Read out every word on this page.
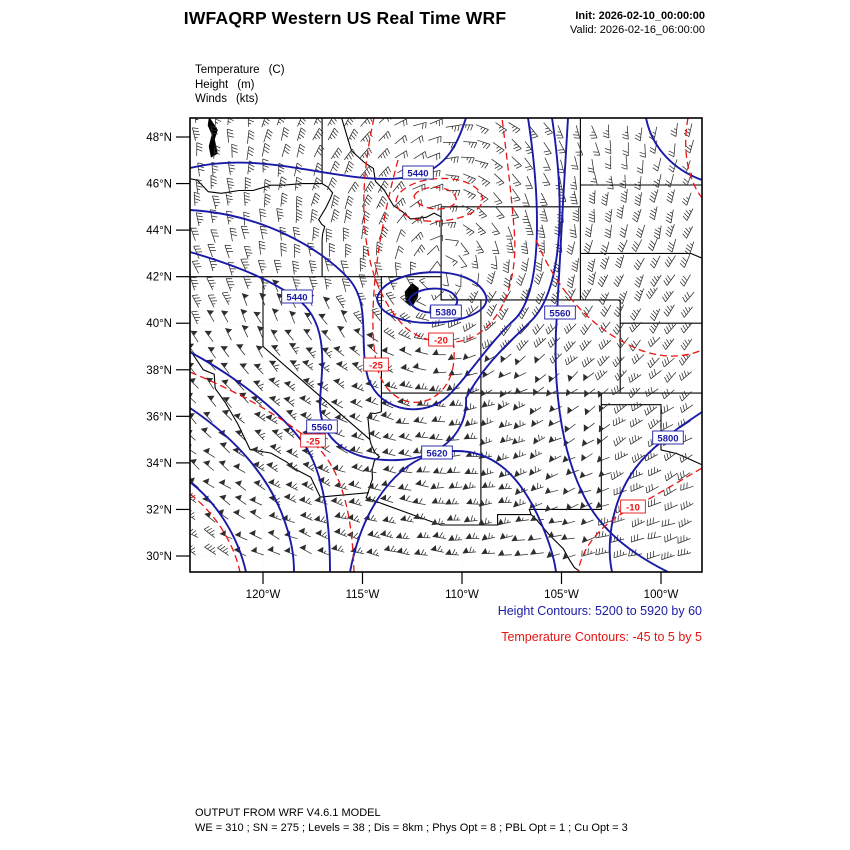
IWFAQRP Western US Real Time WRF	Init: 2026-02-10_00:00:00
Valid: 2026-02-16_06:00:00
Temperature (C)
Height (m)
Winds (kts)
5440
5440
5380	5560
5560
5620
5800
-20
-25
-25
-10
48°N
46°N
44°N
42°N
40°N
38°N
36°N
34°N
32°N
30°N
120°W	115°W	110°W	105°W	100°W
Height Contours: 5200 to 5920 by 60
Temperature Contours: -45 to 5 by 5
OUTPUT FROM WRF V4.6.1 MODEL
WE = 310 ; SN = 275 ; Levels = 38 ; Dis = 8km ; Phys Opt = 8 ; PBL Opt = 1 ; Cu Opt = 3
